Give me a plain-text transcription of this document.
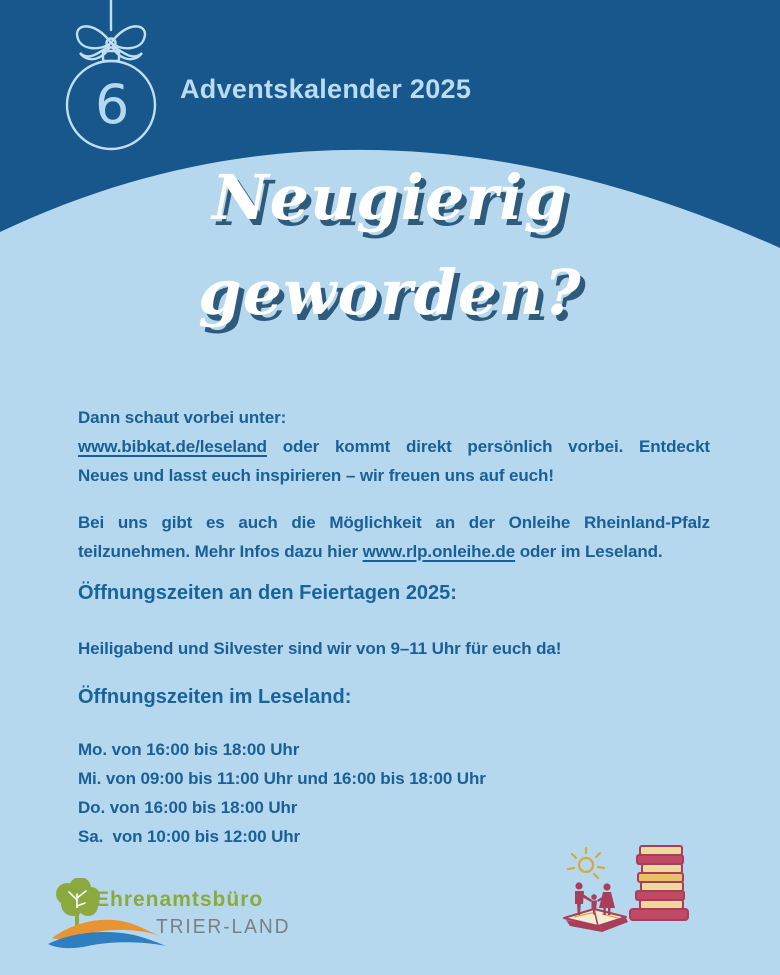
6 Adventskalender 2025
Neugierig
geworden?

Dann schaut vorbei unter:

www.bibkat.de/leseland oder kommt direkt persönlich vorbei. Entdeckt

Neues und lasst euch inspirieren – wir freuen uns auf euch!

Bei uns gibt es auch die Möglichkeit an der Onleihe Rheinland-Pfalz

teilzunehmen. Mehr Infos dazu hier www.rlp.onleihe.de oder im Leseland.

Öffnungszeiten an den Feiertagen 2025:

Heiligabend und Silvester sind wir von 9–11 Uhr für euch da!

Öffnungszeiten im Leseland:
Mo. von 16:00 bis 18:00 Uhr
Mi. von 09:00 bis 11:00 Uhr und 16:00 bis 18:00 Uhr
Do. von 16:00 bis 18:00 Uhr
Sa.  von 10:00 bis 12:00 Uhr
Ehrenamtsbüro
TRIER-LAND
